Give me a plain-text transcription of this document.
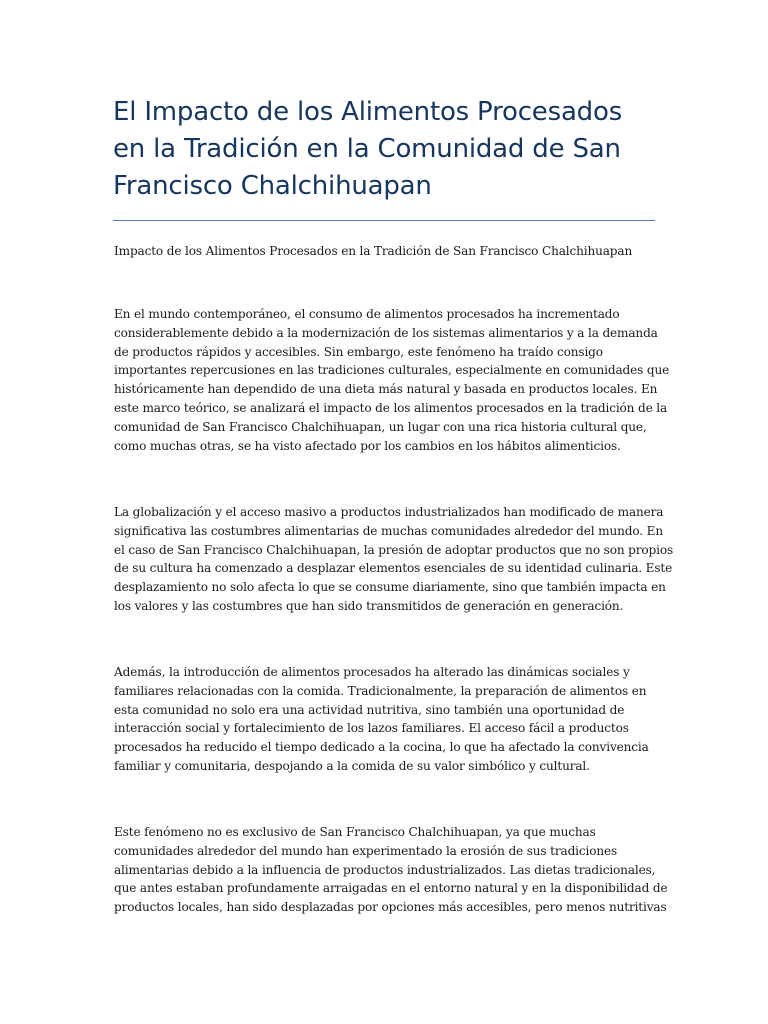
El Impacto de los Alimentos Procesados
en la Tradición en la Comunidad de San
Francisco Chalchihuapan

Impacto de los Alimentos Procesados en la Tradición de San Francisco Chalchihuapan

En el mundo contemporáneo, el consumo de alimentos procesados ha incrementado
considerablemente debido a la modernización de los sistemas alimentarios y a la demanda
de productos rápidos y accesibles. Sin embargo, este fenómeno ha traído consigo
importantes repercusiones en las tradiciones culturales, especialmente en comunidades que
históricamente han dependido de una dieta más natural y basada en productos locales. En
este marco teórico, se analizará el impacto de los alimentos procesados en la tradición de la
comunidad de San Francisco Chalchihuapan, un lugar con una rica historia cultural que,
como muchas otras, se ha visto afectado por los cambios en los hábitos alimenticios.

La globalización y el acceso masivo a productos industrializados han modificado de manera
significativa las costumbres alimentarias de muchas comunidades alrededor del mundo. En
el caso de San Francisco Chalchihuapan, la presión de adoptar productos que no son propios
de su cultura ha comenzado a desplazar elementos esenciales de su identidad culinaria. Este
desplazamiento no solo afecta lo que se consume diariamente, sino que también impacta en
los valores y las costumbres que han sido transmitidos de generación en generación.

Además, la introducción de alimentos procesados ha alterado las dinámicas sociales y
familiares relacionadas con la comida. Tradicionalmente, la preparación de alimentos en
esta comunidad no solo era una actividad nutritiva, sino también una oportunidad de
interacción social y fortalecimiento de los lazos familiares. El acceso fácil a productos
procesados ha reducido el tiempo dedicado a la cocina, lo que ha afectado la convivencia
familiar y comunitaria, despojando a la comida de su valor simbólico y cultural.

Este fenómeno no es exclusivo de San Francisco Chalchihuapan, ya que muchas
comunidades alrededor del mundo han experimentado la erosión de sus tradiciones
alimentarias debido a la influencia de productos industrializados. Las dietas tradicionales,
que antes estaban profundamente arraigadas en el entorno natural y en la disponibilidad de
productos locales, han sido desplazadas por opciones más accesibles, pero menos nutritivas
